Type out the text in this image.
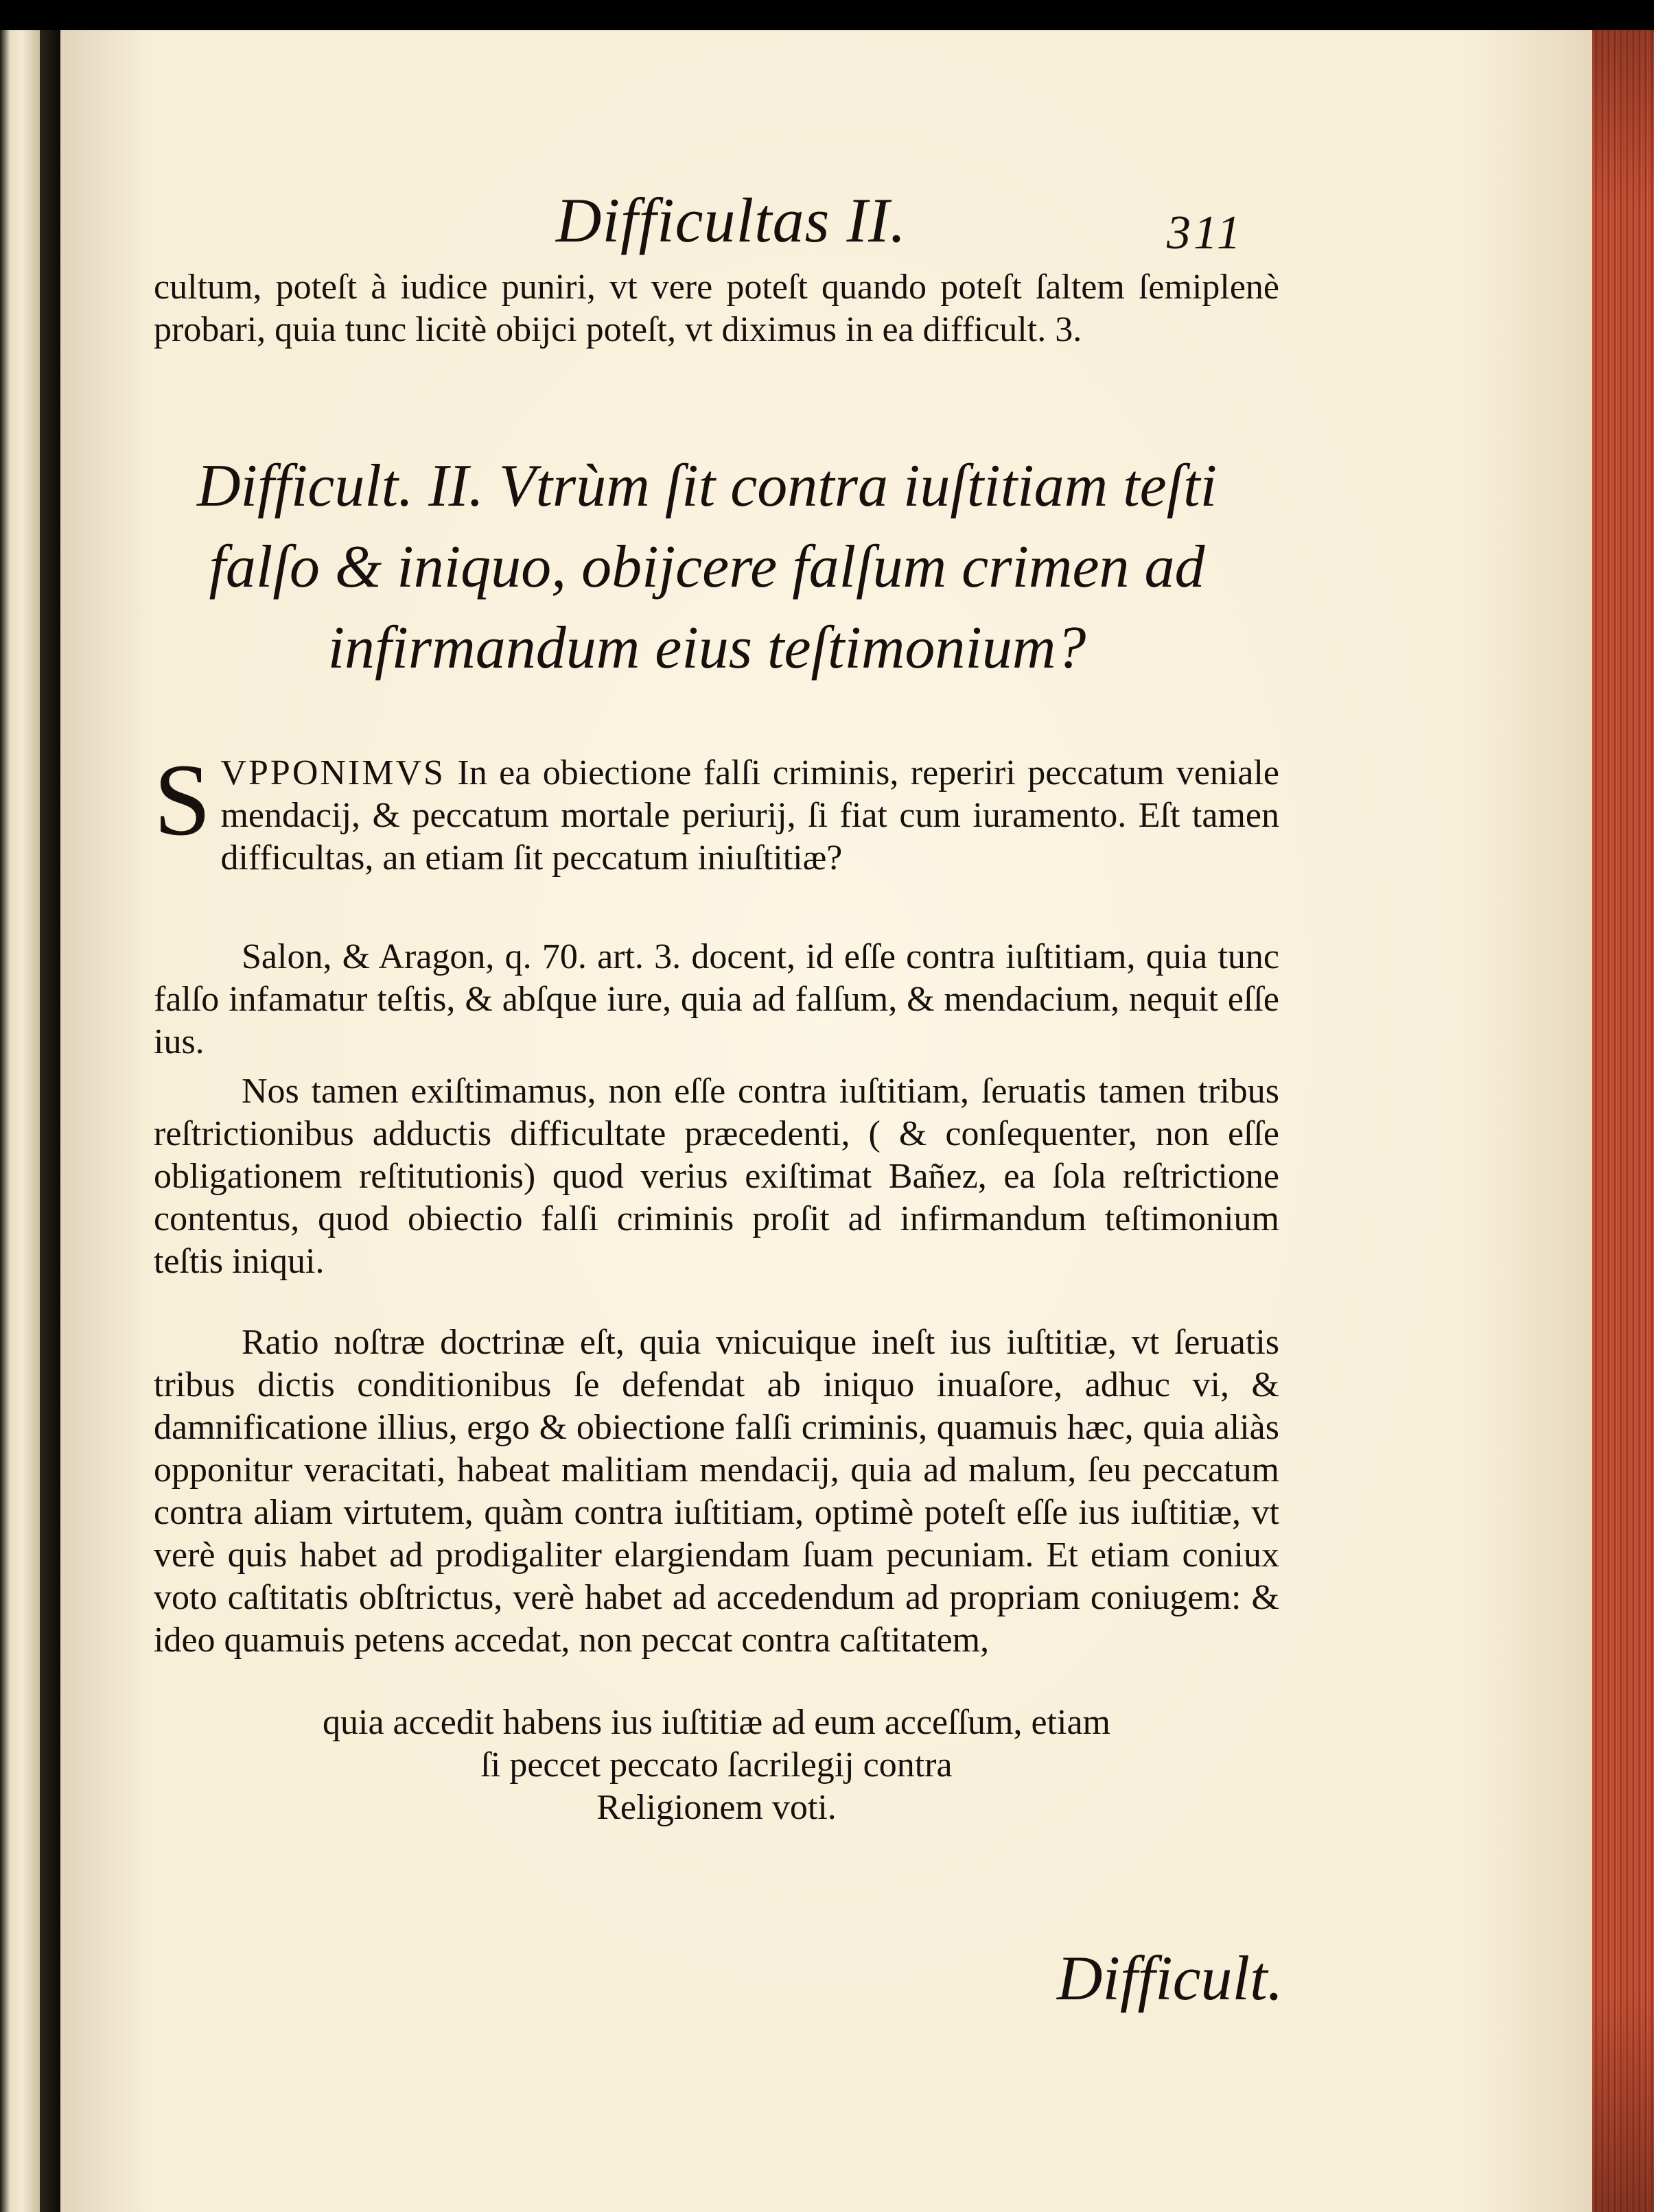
Difficultas II.	311
cultum, poteſt à iudice puniri, vt vere poteſt quando poteſt ſaltem ſemiplenè probari, quia tunc licitè obijci poteſt, vt diximus in ea difficult. 3.
Difficult. II. Vtrùm ſit contra iuſtitiam teſti falſo & iniquo, obijcere falſum crimen ad infirmandum eius teſtimonium?
SVPPONIMVS In ea obiectione falſi criminis, reperiri peccatum veniale mendacij, & peccatum mortale periurij, ſi fiat cum iuramento. Eſt tamen difficultas, an etiam ſit peccatum iniuſtitiæ?
Salon, & Aragon, q. 70. art. 3. docent, id eſſe contra iuſtitiam, quia tunc falſo infamatur teſtis, & abſque iure, quia ad falſum, & mendacium, nequit eſſe ius.
Nos tamen exiſtimamus, non eſſe contra iuſtitiam, ſeruatis tamen tribus reſtrictionibus adductis difficultate præcedenti, ( & conſequenter, non eſſe obligationem reſtitutionis) quod verius exiſtimat Bañez, ea ſola reſtrictione contentus, quod obiectio falſi criminis proſit ad infirmandum teſtimonium teſtis iniqui.
Ratio noſtræ doctrinæ eſt, quia vnicuique ineſt ius iuſtitiæ, vt ſeruatis tribus dictis conditionibus ſe defendat ab iniquo inuaſore, adhuc vi, & damnificatione illius, ergo & obiectione falſi criminis, quamuis hæc, quia aliàs opponitur veracitati, habeat malitiam mendacij, quia ad malum, ſeu peccatum contra aliam virtutem, quàm contra iuſtitiam, optimè poteſt eſſe ius iuſtitiæ, vt verè quis habet ad prodigaliter elargiendam ſuam pecuniam. Et etiam coniux voto caſtitatis obſtrictus, verè habet ad accedendum ad propriam coniugem: & ideo quamuis petens accedat, non peccat contra caſtitatem,
quia accedit habens ius iuſtitiæ ad eum acceſſum, etiam
ſi peccet peccato ſacrilegij contra
Religionem voti.
Difficult.
